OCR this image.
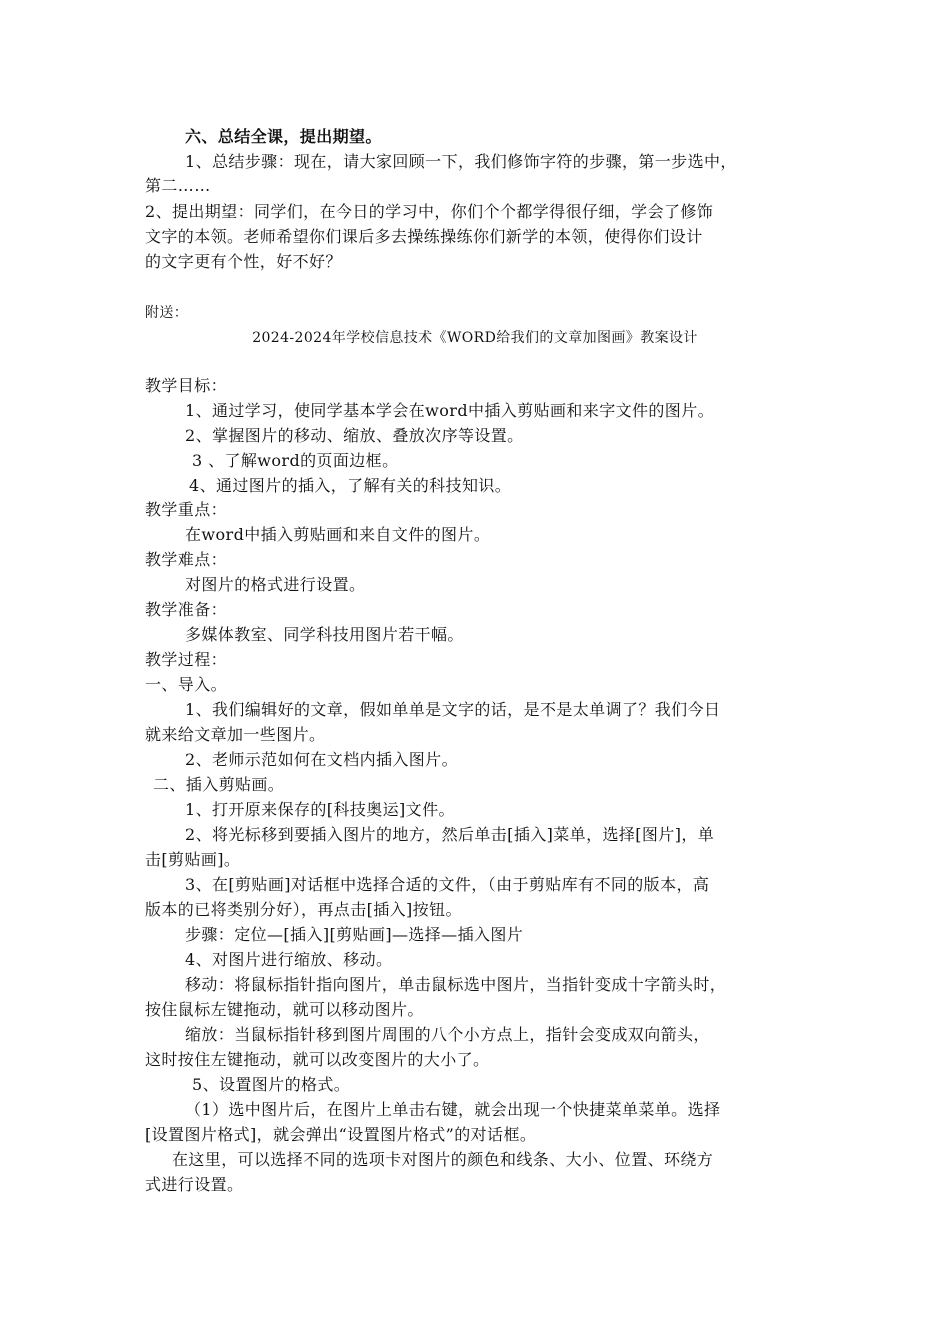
六、总结全课，提出期望。
1、总结步骤：现在，请大家回顾一下，我们修饰字符的步骤，第一步选中，
第二……
2、提出期望：同学们，在今日的学习中，你们个个都学得很仔细，学会了修饰
文字的本领。老师希望你们课后多去操练操练你们新学的本领，使得你们设计
的文字更有个性，好不好？
附送：
2024-2024年学校信息技术《WORD给我们的文章加图画》教案设计
教学目标：
1、通过学习，使同学基本学会在word中插入剪贴画和来字文件的图片。
2、掌握图片的移动、缩放、叠放次序等设置。
3 、了解word的页面边框。
4、通过图片的插入，了解有关的科技知识。
教学重点：
在word中插入剪贴画和来自文件的图片。
教学难点：
对图片的格式进行设置。
教学准备：
多媒体教室、同学科技用图片若干幅。
教学过程：
一、导入。
1、我们编辑好的文章，假如单单是文字的话，是不是太单调了？我们今日
就来给文章加一些图片。
2、老师示范如何在文档内插入图片。
二、插入剪贴画。
1、打开原来保存的[科技奥运]文件。
2、将光标移到要插入图片的地方，然后单击[插入]菜单，选择[图片]，单
击[剪贴画]。
3、在[剪贴画]对话框中选择合适的文件，（由于剪贴库有不同的版本，高
版本的已将类别分好），再点击[插入]按钮。
步骤：定位—[插入][剪贴画]—选择—插入图片
4、对图片进行缩放、移动。
移动：将鼠标指针指向图片，单击鼠标选中图片，当指针变成十字箭头时，
按住鼠标左键拖动，就可以移动图片。
缩放：当鼠标指针移到图片周围的八个小方点上，指针会变成双向箭头，
这时按住左键拖动，就可以改变图片的大小了。
5、设置图片的格式。
（1）选中图片后，在图片上单击右键，就会出现一个快捷菜单菜单。选择
[设置图片格式]，就会弹出“设置图片格式”的对话框。
在这里，可以选择不同的选项卡对图片的颜色和线条、大小、位置、环绕方
式进行设置。
